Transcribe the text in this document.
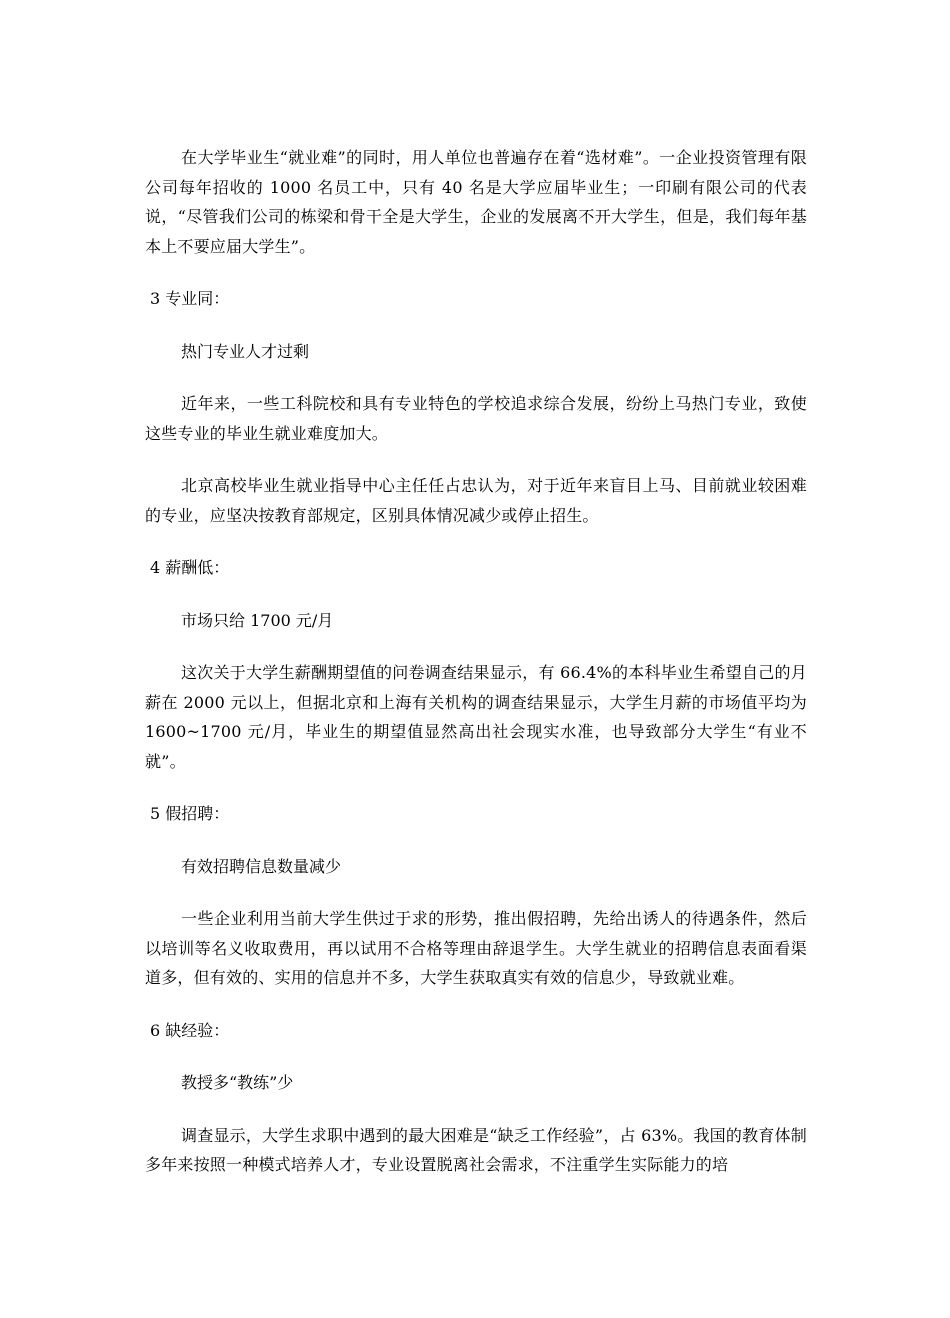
在大学毕业生“就业难”的同时，用人单位也普遍存在着“选材难”。一企业投资管理有限公司每年招收的 1000 名员工中，只有 40 名是大学应届毕业生；一印刷有限公司的代表说，“尽管我们公司的栋梁和骨干全是大学生，企业的发展离不开大学生，但是，我们每年基本上不要应届大学生”。

3 专业同：

热门专业人才过剩

近年来，一些工科院校和具有专业特色的学校追求综合发展，纷纷上马热门专业，致使这些专业的毕业生就业难度加大。

北京高校毕业生就业指导中心主任任占忠认为，对于近年来盲目上马、目前就业较困难的专业，应坚决按教育部规定，区别具体情况减少或停止招生。

4 薪酬低：

市场只给 1700 元/月

这次关于大学生薪酬期望值的问卷调查结果显示，有 66.4%的本科毕业生希望自己的月薪在 2000 元以上，但据北京和上海有关机构的调查结果显示，大学生月薪的市场值平均为 1600~1700 元/月，毕业生的期望值显然高出社会现实水准，也导致部分大学生“有业不就”。

5 假招聘：

有效招聘信息数量减少

一些企业利用当前大学生供过于求的形势，推出假招聘，先给出诱人的待遇条件，然后以培训等名义收取费用，再以试用不合格等理由辞退学生。大学生就业的招聘信息表面看渠道多，但有效的、实用的信息并不多，大学生获取真实有效的信息少，导致就业难。

6 缺经验：

教授多“教练”少

调查显示，大学生求职中遇到的最大困难是“缺乏工作经验”，占 63%。我国的教育体制多年来按照一种模式培养人才，专业设置脱离社会需求，不注重学生实际能力的培
